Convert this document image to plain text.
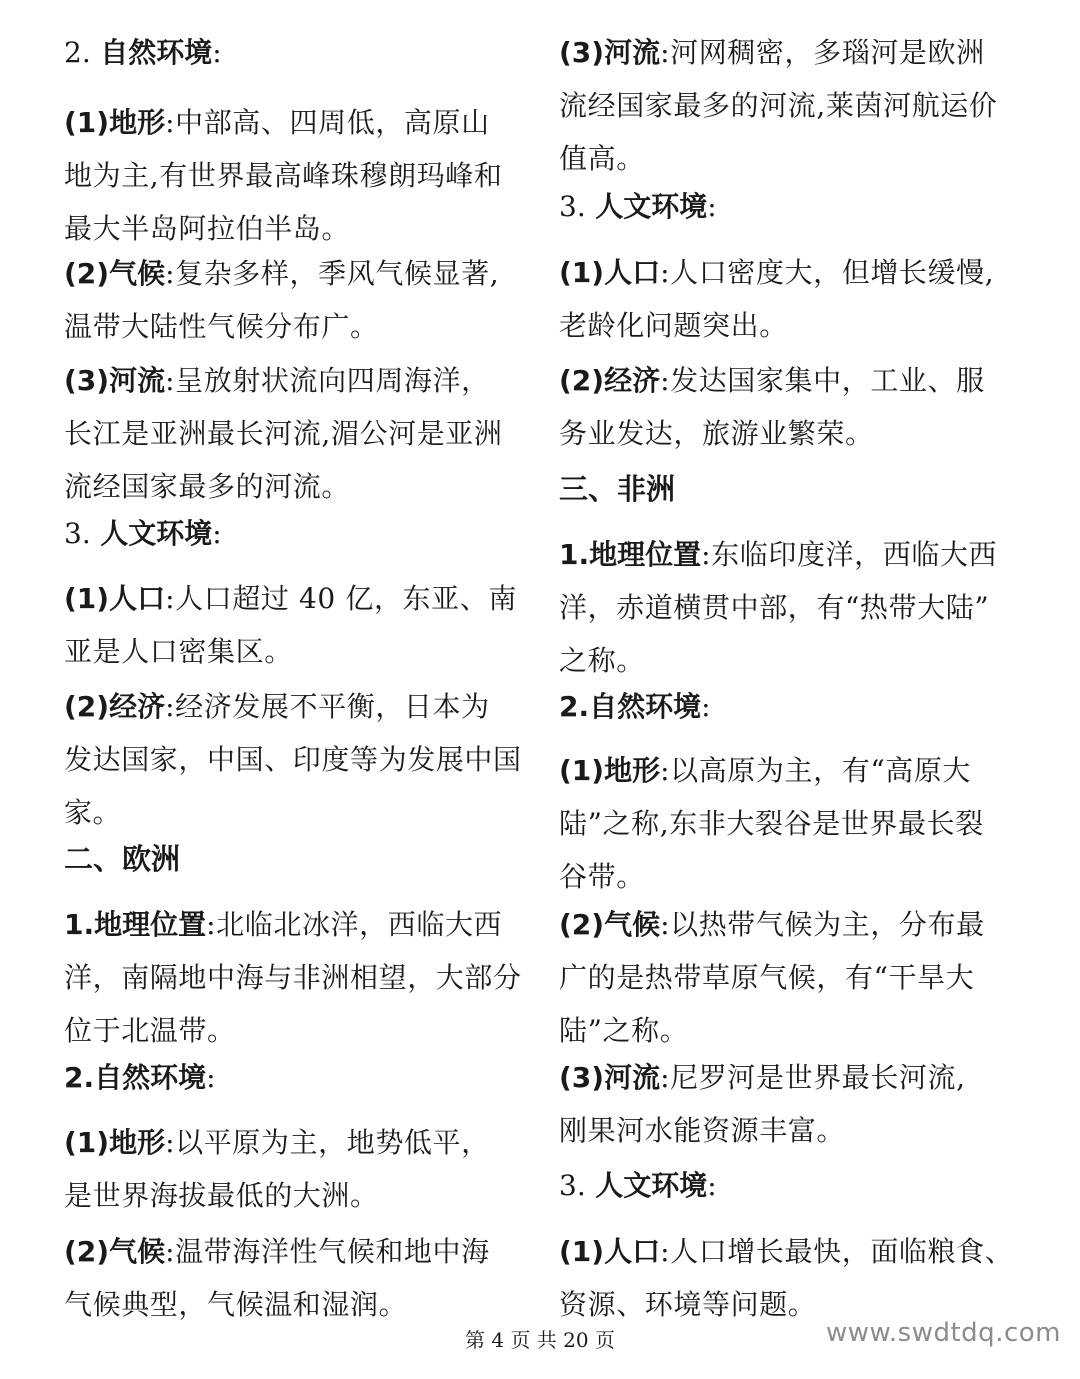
2. 自然环境:

(1)地形:中部高、四周低，高原山
地为主,有世界最高峰珠穆朗玛峰和
最大半岛阿拉伯半岛。

(2)气候:复杂多样，季风气候显著,
温带大陆性气候分布广。

(3)河流:呈放射状流向四周海洋，
长江是亚洲最长河流,湄公河是亚洲
流经国家最多的河流。

3. 人文环境:

(1)人口:人口超过 40 亿，东亚、南
亚是人口密集区。

(2)经济:经济发展不平衡，日本为
发达国家，中国、印度等为发展中国
家。

二、欧洲

1.地理位置:北临北冰洋，西临大西
洋，南隔地中海与非洲相望，大部分
位于北温带。

2.自然环境:

(1)地形:以平原为主，地势低平，
是世界海拔最低的大洲。

(2)气候:温带海洋性气候和地中海
气候典型，气候温和湿润。

(3)河流:河网稠密，多瑙河是欧洲
流经国家最多的河流,莱茵河航运价
值高。

3. 人文环境:

(1)人口:人口密度大，但增长缓慢,
老龄化问题突出。

(2)经济:发达国家集中，工业、服
务业发达，旅游业繁荣。

三、非洲

1.地理位置:东临印度洋，西临大西
洋，赤道横贯中部，有“热带大陆”
之称。

2.自然环境:

(1)地形:以高原为主，有“高原大
陆”之称,东非大裂谷是世界最长裂
谷带。

(2)气候:以热带气候为主，分布最
广的是热带草原气候，有“干旱大
陆”之称。

(3)河流:尼罗河是世界最长河流,
刚果河水能资源丰富。

3. 人文环境:

(1)人口:人口增长最快，面临粮食、
资源、环境等问题。

第 4 页 共 20 页	www.swdtdq.com
